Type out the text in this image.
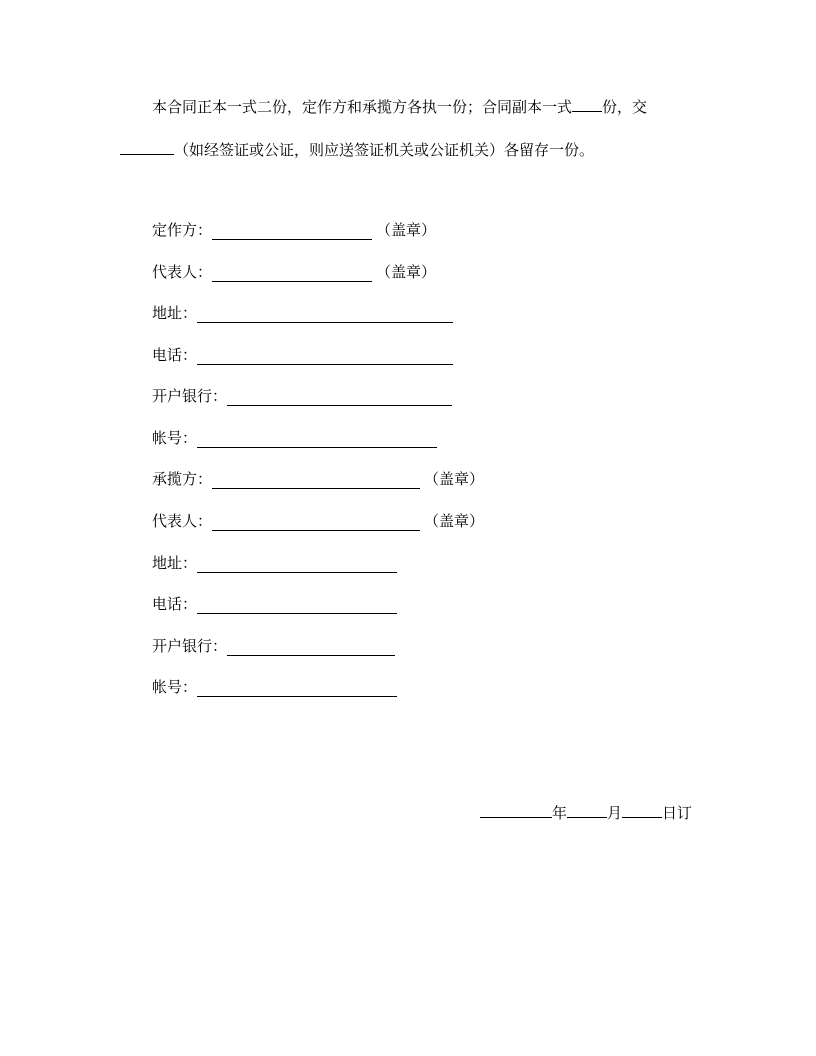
本合同正本一式二份，定作方和承揽方各执一份；合同副本一式 份，交
（如经签证或公证，则应送签证机关或公证机关）各留存一份。
定作方：	（盖章）
代表人：	（盖章）
地址：
电话：
开户银行：
帐号：
承揽方：	（盖章）
代表人：	（盖章）
地址：
电话：
开户银行：
帐号：
年	月	日订
